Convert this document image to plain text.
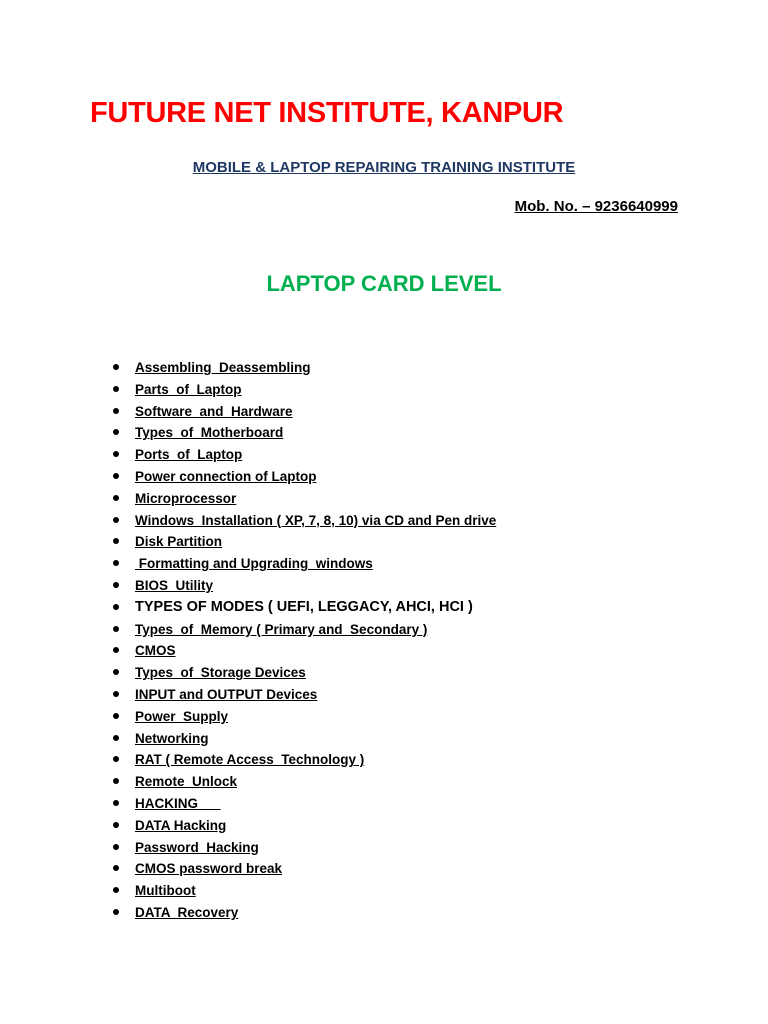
FUTURE NET INSTITUTE, KANPUR

MOBILE & LAPTOP REPAIRING TRAINING INSTITUTE

Mob. No. – 9236640999

LAPTOP CARD LEVEL
Assembling  Deassembling
Parts  of  Laptop
Software  and  Hardware
Types  of  Motherboard
Ports  of  Laptop
Power connection of Laptop
Microprocessor
Windows  Installation ( XP, 7, 8, 10) via CD and Pen drive
Disk Partition
Formatting and Upgrading  windows
BIOS  Utility
TYPES OF MODES ( UEFI, LEGGACY, AHCI, HCI )
Types  of  Memory ( Primary and  Secondary )
CMOS
Types  of  Storage Devices
INPUT and OUTPUT Devices
Power  Supply
Networking
RAT ( Remote Access  Technology )
Remote  Unlock
HACKING
DATA Hacking
Password  Hacking
CMOS password break
Multiboot
DATA  Recovery
